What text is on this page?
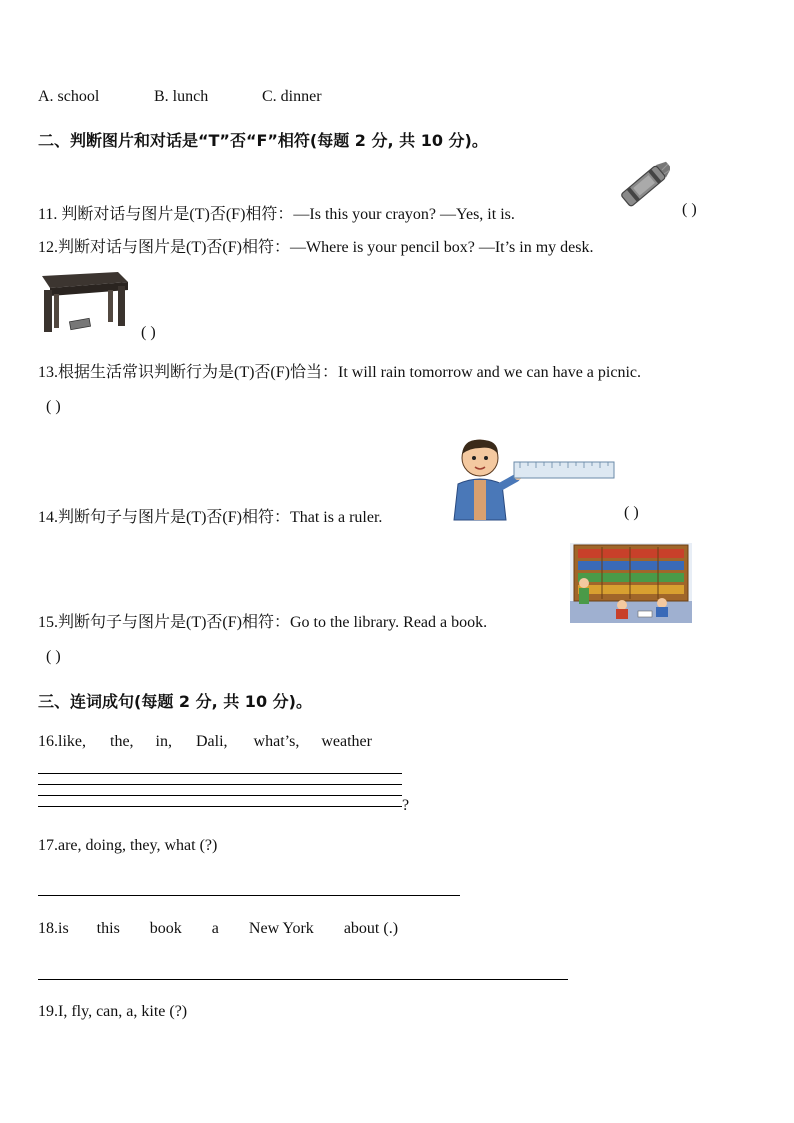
A. school	B. lunch	C. dinner
二、判断图片和对话是“T”否“F”相符(每题 2 分, 共 10 分)。
11. 判断对话与图片是(T)否(F)相符：—Is this your crayon? —Yes, it is.	( )
12.判断对话与图片是(T)否(F)相符：—Where is your pencil box? —It’s in my desk.
( )
13.根据生活常识判断行为是(T)否(F)恰当：It will rain tomorrow and we can have a picnic.
( )
14.判断句子与图片是(T)否(F)相符：That is a ruler.	( )
15.判断句子与图片是(T)否(F)相符：Go to the library. Read a book.
( )
三、连词成句(每题 2 分, 共 10 分)。
16.like, the, in, Dali, what’s, weather
?
17.are, doing, they, what (?)
18.is this book a New York about (.)
19.I, fly, can, a, kite (?)
